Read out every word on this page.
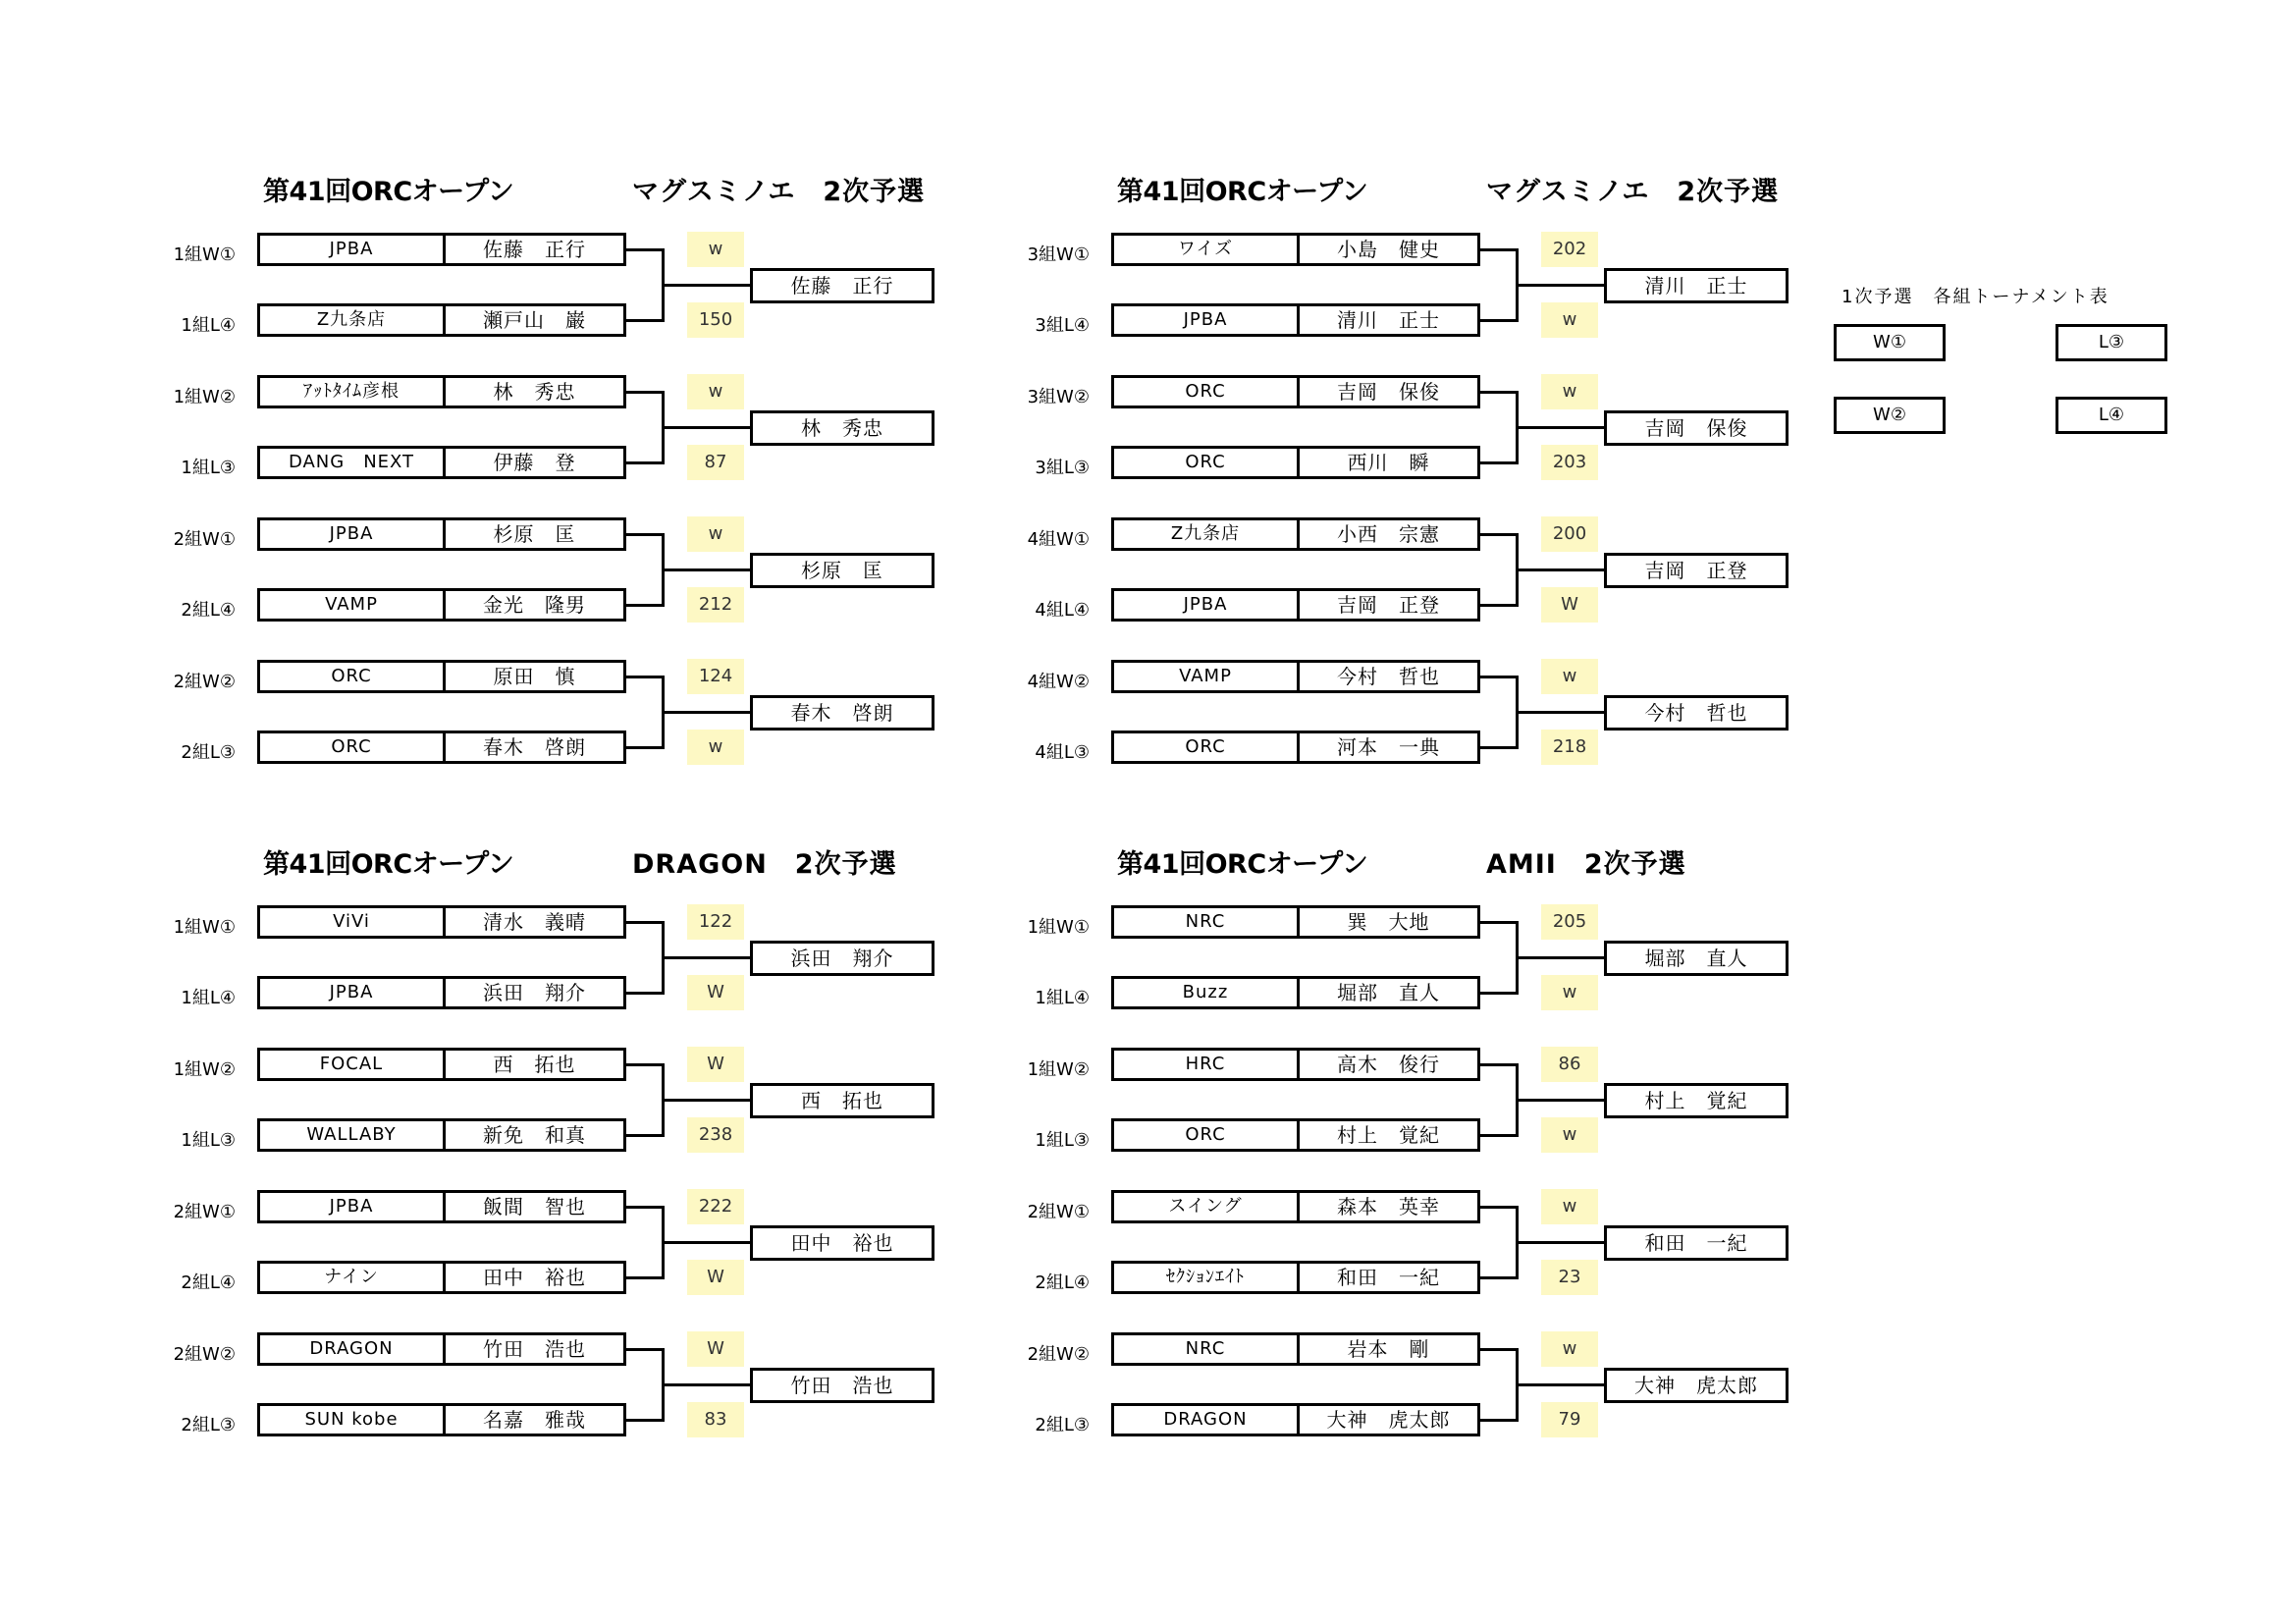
1次予選　各組トーナメント表
W①	L③
W②	L④
第41回ORCオープン	マグスミノエ　2次予選
1組W①	JPBA	佐藤　正行	w
1組L④	Z九条店	瀬戸山　巌	150
佐藤　正行
1組W②	ｱｯﾄﾀｲﾑ彦根	林　秀忠	w
1組L③	DANG　NEXT	伊藤　登	87
林　秀忠
2組W①	JPBA	杉原　匡	w
2組L④	VAMP	金光　隆男	212
杉原　匡
2組W②	ORC	原田　慎	124
2組L③	ORC	春木　啓朗	w
春木　啓朗
第41回ORCオープン	マグスミノエ　2次予選
3組W①	ワイズ	小島　健史	202
3組L④	JPBA	清川　正士	w
清川　正士
3組W②	ORC	吉岡　保俊	w
3組L③	ORC	西川　瞬	203
吉岡　保俊
4組W①	Z九条店	小西　宗憲	200
4組L④	JPBA	吉岡　正登	W
吉岡　正登
4組W②	VAMP	今村　哲也	w
4組L③	ORC	河本　一典	218
今村　哲也
第41回ORCオープン	DRAGON　2次予選
1組W①	ViVi	清水　義晴	122
1組L④	JPBA	浜田　翔介	W
浜田　翔介
1組W②	FOCAL	西　拓也	W
1組L③	WALLABY	新免　和真	238
西　拓也
2組W①	JPBA	飯間　智也	222
2組L④	ナイン	田中　裕也	W
田中　裕也
2組W②	DRAGON	竹田　浩也	W
2組L③	SUN kobe	名嘉　雅哉	83
竹田　浩也
第41回ORCオープン	AMII　2次予選
1組W①	NRC	巽　大地	205
1組L④	Buzz	堀部　直人	w
堀部　直人
1組W②	HRC	高木　俊行	86
1組L③	ORC	村上　覚紀	w
村上　覚紀
2組W①	スイング	森本　英幸	w
2組L④	ｾｸｼｮﾝｴｲﾄ	和田　一紀	23
和田　一紀
2組W②	NRC	岩本　剛	w
2組L③	DRAGON	大神　虎太郎	79
大神　虎太郎
